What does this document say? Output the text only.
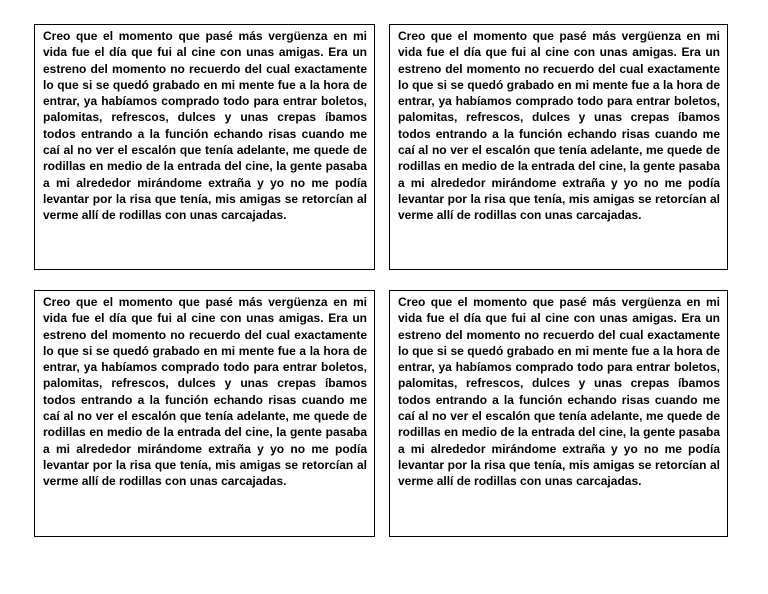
Creo que el momento que pasé más vergüenza en mi vida fue el día que fui al cine con unas amigas. Era un estreno del momento no recuerdo del cual exactamente lo que si se quedó grabado en mi mente fue a la hora de entrar, ya habíamos comprado todo para entrar boletos, palomitas, refrescos, dulces y unas crepas íbamos todos entrando a la función echando risas cuando me caí al no ver el escalón que tenía adelante, me quede de rodillas en medio de la entrada del cine, la gente pasaba a mi alrededor mirándome extraña y yo no me podía levantar por la risa que tenía, mis amigas se retorcían al verme allí de rodillas con unas carcajadas.

Creo que el momento que pasé más vergüenza en mi vida fue el día que fui al cine con unas amigas. Era un estreno del momento no recuerdo del cual exactamente lo que si se quedó grabado en mi mente fue a la hora de entrar, ya habíamos comprado todo para entrar boletos, palomitas, refrescos, dulces y unas crepas íbamos todos entrando a la función echando risas cuando me caí al no ver el escalón que tenía adelante, me quede de rodillas en medio de la entrada del cine, la gente pasaba a mi alrededor mirándome extraña y yo no me podía levantar por la risa que tenía, mis amigas se retorcían al verme allí de rodillas con unas carcajadas.

Creo que el momento que pasé más vergüenza en mi vida fue el día que fui al cine con unas amigas. Era un estreno del momento no recuerdo del cual exactamente lo que si se quedó grabado en mi mente fue a la hora de entrar, ya habíamos comprado todo para entrar boletos, palomitas, refrescos, dulces y unas crepas íbamos todos entrando a la función echando risas cuando me caí al no ver el escalón que tenía adelante, me quede de rodillas en medio de la entrada del cine, la gente pasaba a mi alrededor mirándome extraña y yo no me podía levantar por la risa que tenía, mis amigas se retorcían al verme allí de rodillas con unas carcajadas.

Creo que el momento que pasé más vergüenza en mi vida fue el día que fui al cine con unas amigas. Era un estreno del momento no recuerdo del cual exactamente lo que si se quedó grabado en mi mente fue a la hora de entrar, ya habíamos comprado todo para entrar boletos, palomitas, refrescos, dulces y unas crepas íbamos todos entrando a la función echando risas cuando me caí al no ver el escalón que tenía adelante, me quede de rodillas en medio de la entrada del cine, la gente pasaba a mi alrededor mirándome extraña y yo no me podía levantar por la risa que tenía, mis amigas se retorcían al verme allí de rodillas con unas carcajadas.
